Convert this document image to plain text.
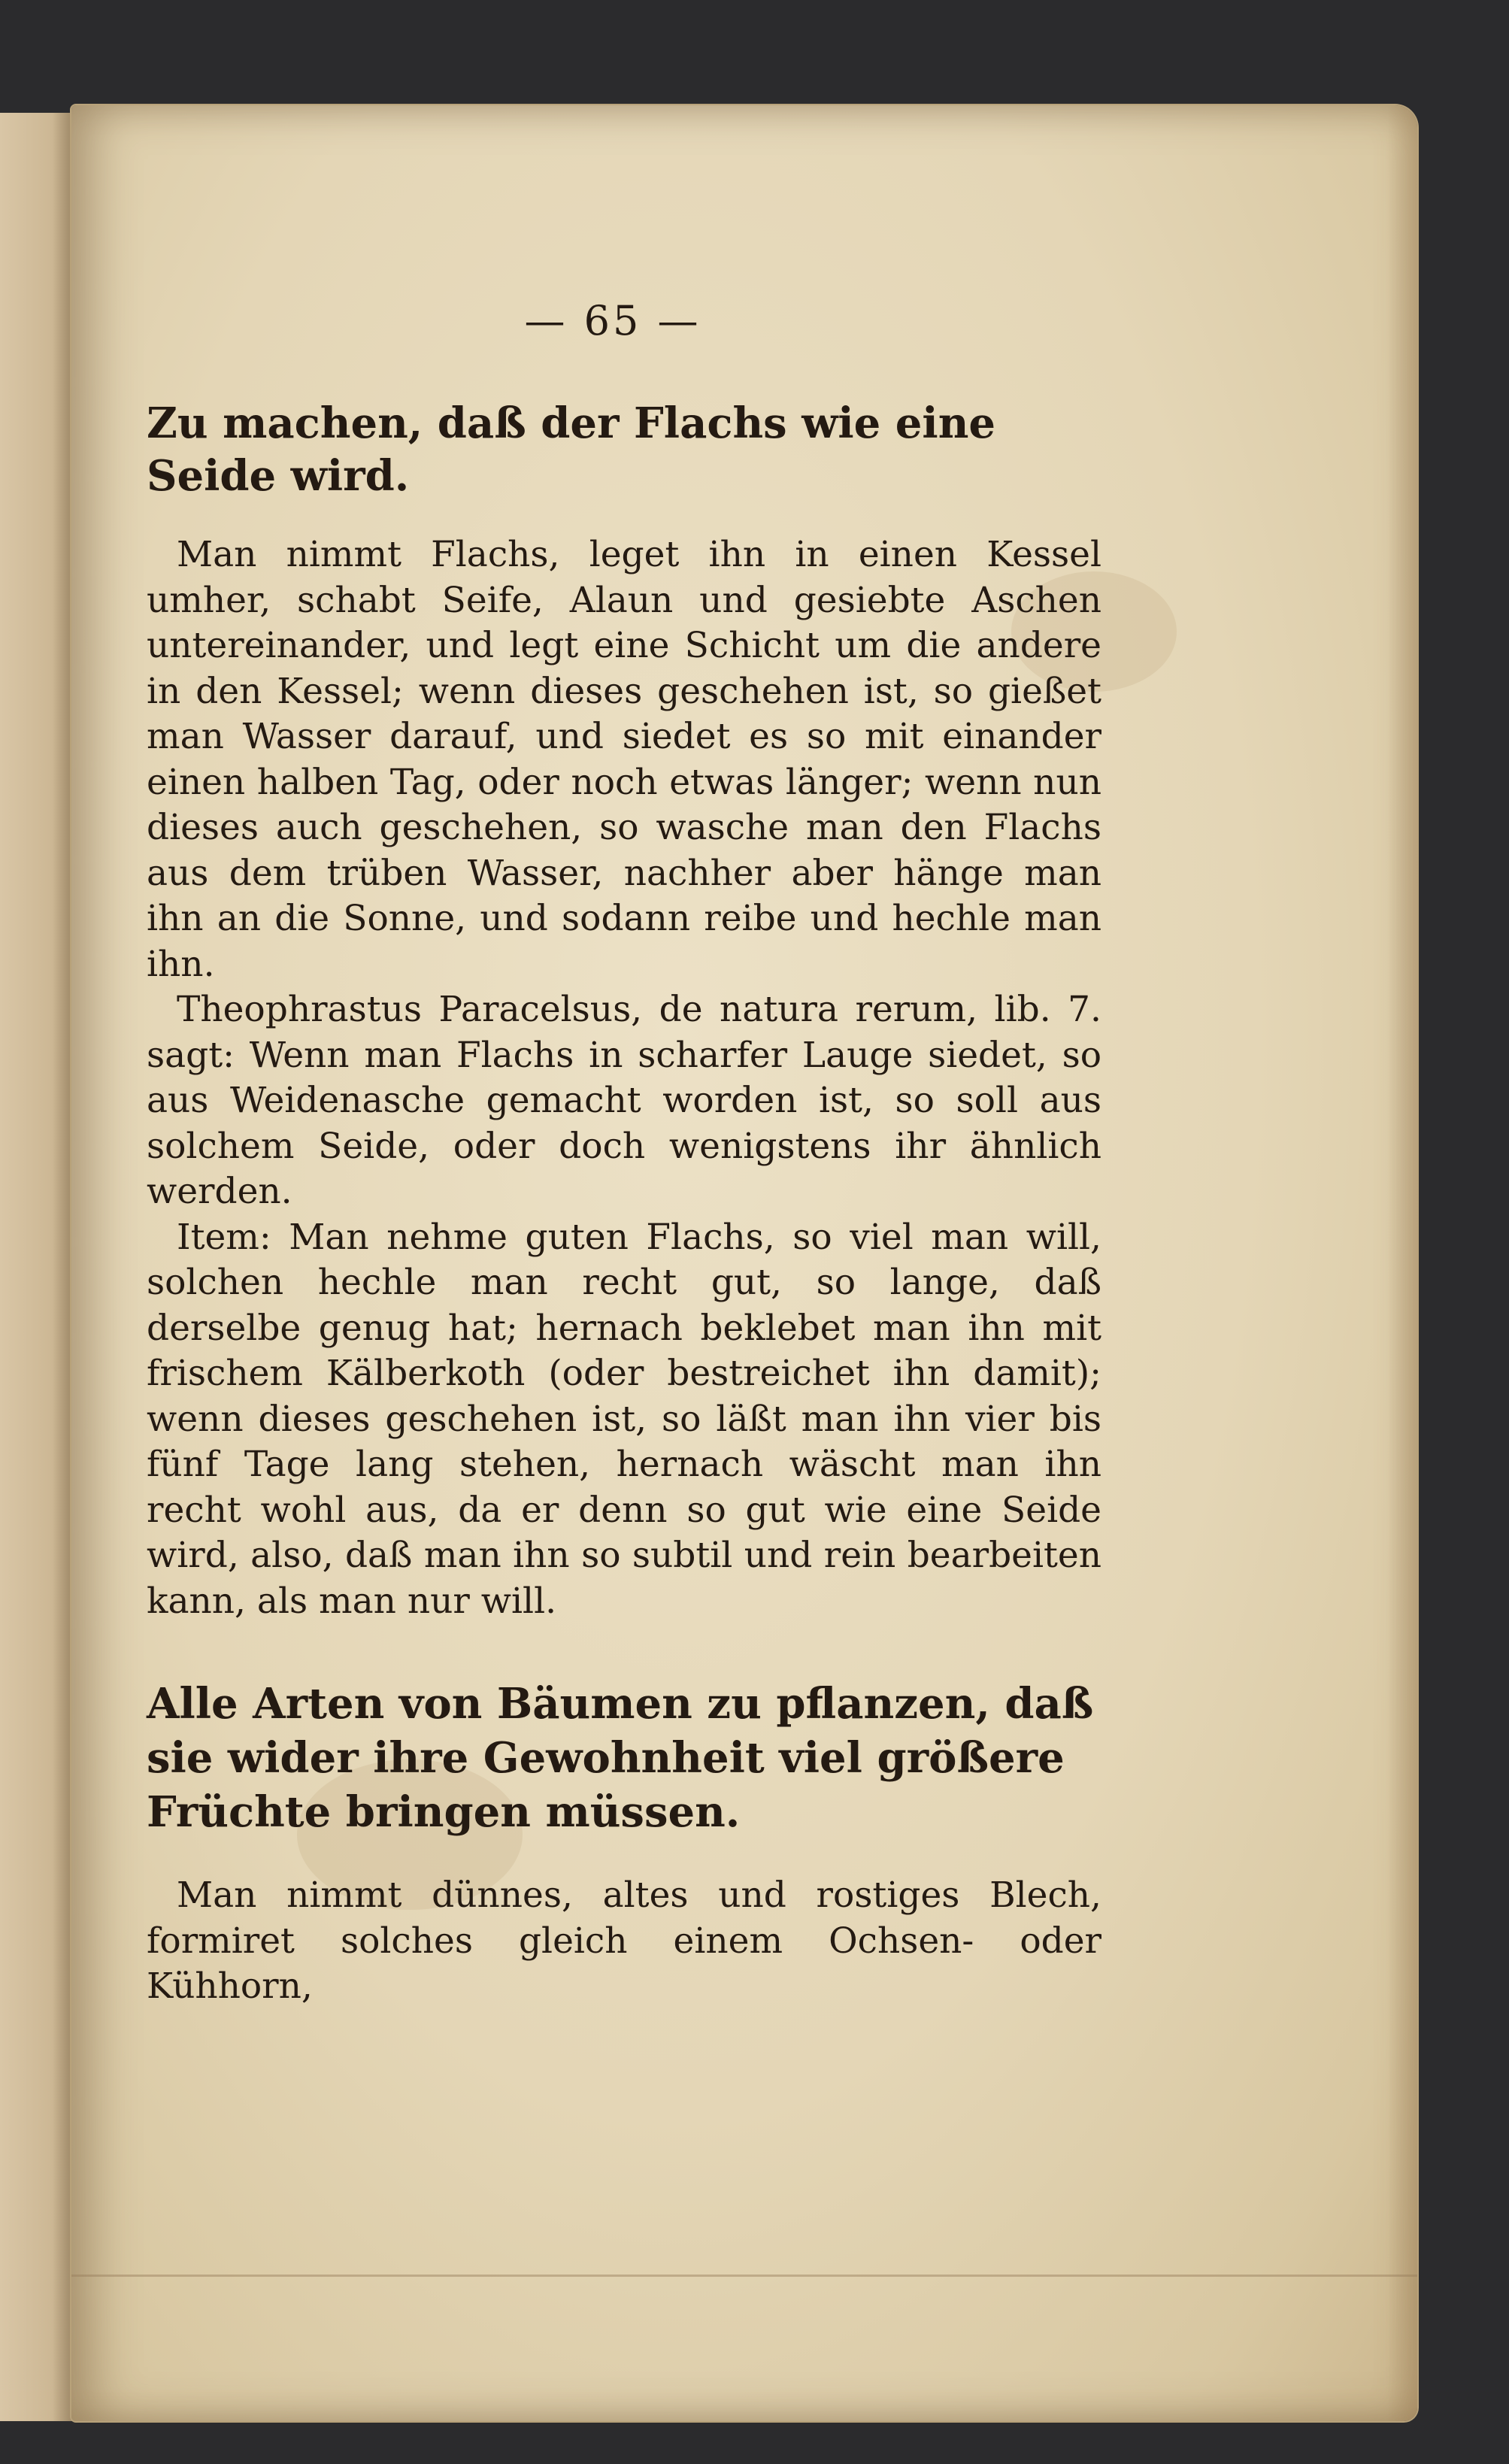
— 65 —
Zu machen, daß der Flachs wie eine Seide wird.

Man nimmt Flachs, leget ihn in einen Kessel umher, schabt Seife, Alaun und gesiebte Aschen untereinander, und legt eine Schicht um die andere in den Kessel; wenn dieses geschehen ist, so gießet man Wasser darauf, und siedet es so mit einander einen halben Tag, oder noch etwas länger; wenn nun dieses auch geschehen, so wasche man den Flachs aus dem trüben Wasser, nachher aber hänge man ihn an die Sonne, und sodann reibe und hechle man ihn.

Theophrastus Paracelsus, de natura rerum, lib. 7. sagt: Wenn man Flachs in scharfer Lauge siedet, so aus Weidenasche gemacht worden ist, so soll aus solchem Seide, oder doch wenigstens ihr ähnlich werden.

Item: Man nehme guten Flachs, so viel man will, solchen hechle man recht gut, so lange, daß derselbe genug hat; hernach beklebet man ihn mit frischem Kälberkoth (oder bestreichet ihn damit); wenn dieses geschehen ist, so läßt man ihn vier bis fünf Tage lang stehen, hernach wäscht man ihn recht wohl aus, da er denn so gut wie eine Seide wird, also, daß man ihn so subtil und rein bearbeiten kann, als man nur will.

Alle Arten von Bäumen zu pflanzen, daß sie wider ihre Gewohnheit viel größere Früchte bringen müssen.

Man nimmt dünnes, altes und rostiges Blech, formiret solches gleich einem Ochsen- oder Kühhorn,
